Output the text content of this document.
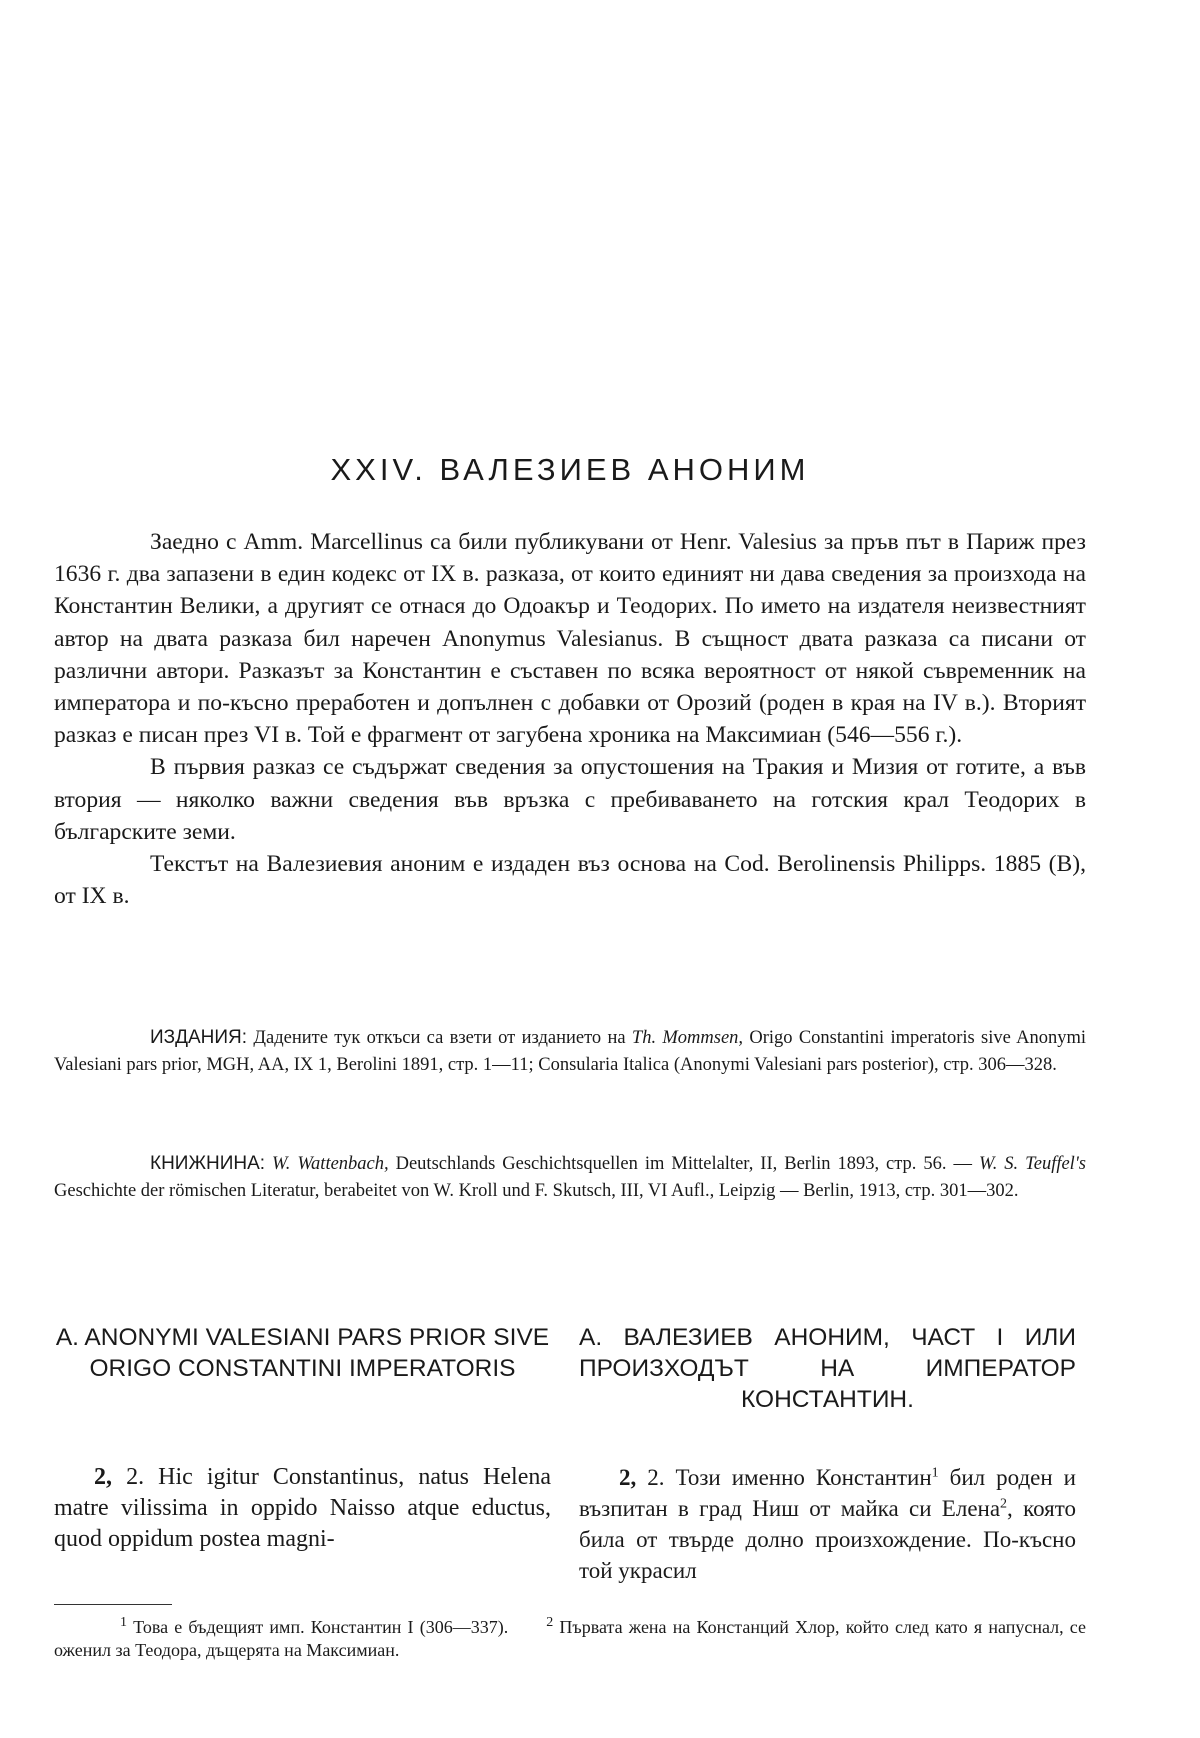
XXIV. ВАЛЕЗИЕВ АНОНИМ

Заедно с Amm. Marcellinus са били публикувани от Henr. Valesius за пръв път в Париж през 1636 г. два запазени в един кодекс от IX в. разказа, от които единият ни дава сведения за произхода на Константин Велики, а другият се отнася до Одоакър и Теодорих. По името на издателя неизвестният автор на двата разказа бил наречен Anonymus Valesianus. В същност двата разказа са писани от различни автори. Разказът за Константин е съставен по всяка вероятност от някой съвременник на императора и по-късно преработен и допълнен с добавки от Орозий (роден в края на IV в.). Вторият разказ е писан през VI в. Той е фрагмент от загубена хроника на Максимиан (546—556 г.).

В първия разказ се съдържат сведения за опустошения на Тракия и Мизия от готите, а във втория — няколко важни сведения във връзка с пребиваването на готския крал Теодорих в българските земи.

Текстът на Валезиевия аноним е издаден въз основа на Cod. Berolinensis Philipps. 1885 (B), от IX в.

ИЗДАНИЯ: Дадените тук откъси са взети от изданието на Th. Mommsen, Origo Constantini imperatoris sive Anonymi Valesiani pars prior, MGH, AA, IX 1, Berolini 1891, стр. 1—11; Consularia Italica (Anonymi Valesiani pars posterior), стр. 306—328.

КНИЖНИНА: W. Wattenbach, Deutschlands Geschichtsquellen im Mittelalter, II, Berlin 1893, стр. 56. — W. S. Teuffel's Geschichte der römischen Literatur, berabeitet von W. Kroll und F. Skutsch, III, VI Aufl., Leipzig — Berlin, 1913, стр. 301—302.

A. ANONYMI VALESIANI PARS PRIOR SIVE ORIGO CONSTANTINI IMPERATORIS

2, 2. Hic igitur Constantinus, natus Helena matre vilissima in oppido Naisso atque eductus, quod oppidum postea magni-

A. ВАЛЕЗИЕВ АНОНИМ, ЧАСТ I ИЛИ ПРОИЗХОДЪТ НА ИМПЕРАТОР КОНСТАНТИН.

2, 2. Този именно Константин$^1$ бил роден и възпитан в град Ниш от майка си Елена$^2$, която била от твърде долно произхождение. По-късно той украсил

$^1$ Това е бъдещият имп. Константин I (306—337).	$^2$ Първата жена на Констанций Хлор, който след като я напуснал, се оженил за Теодора, дъщерята на Максимиан.
